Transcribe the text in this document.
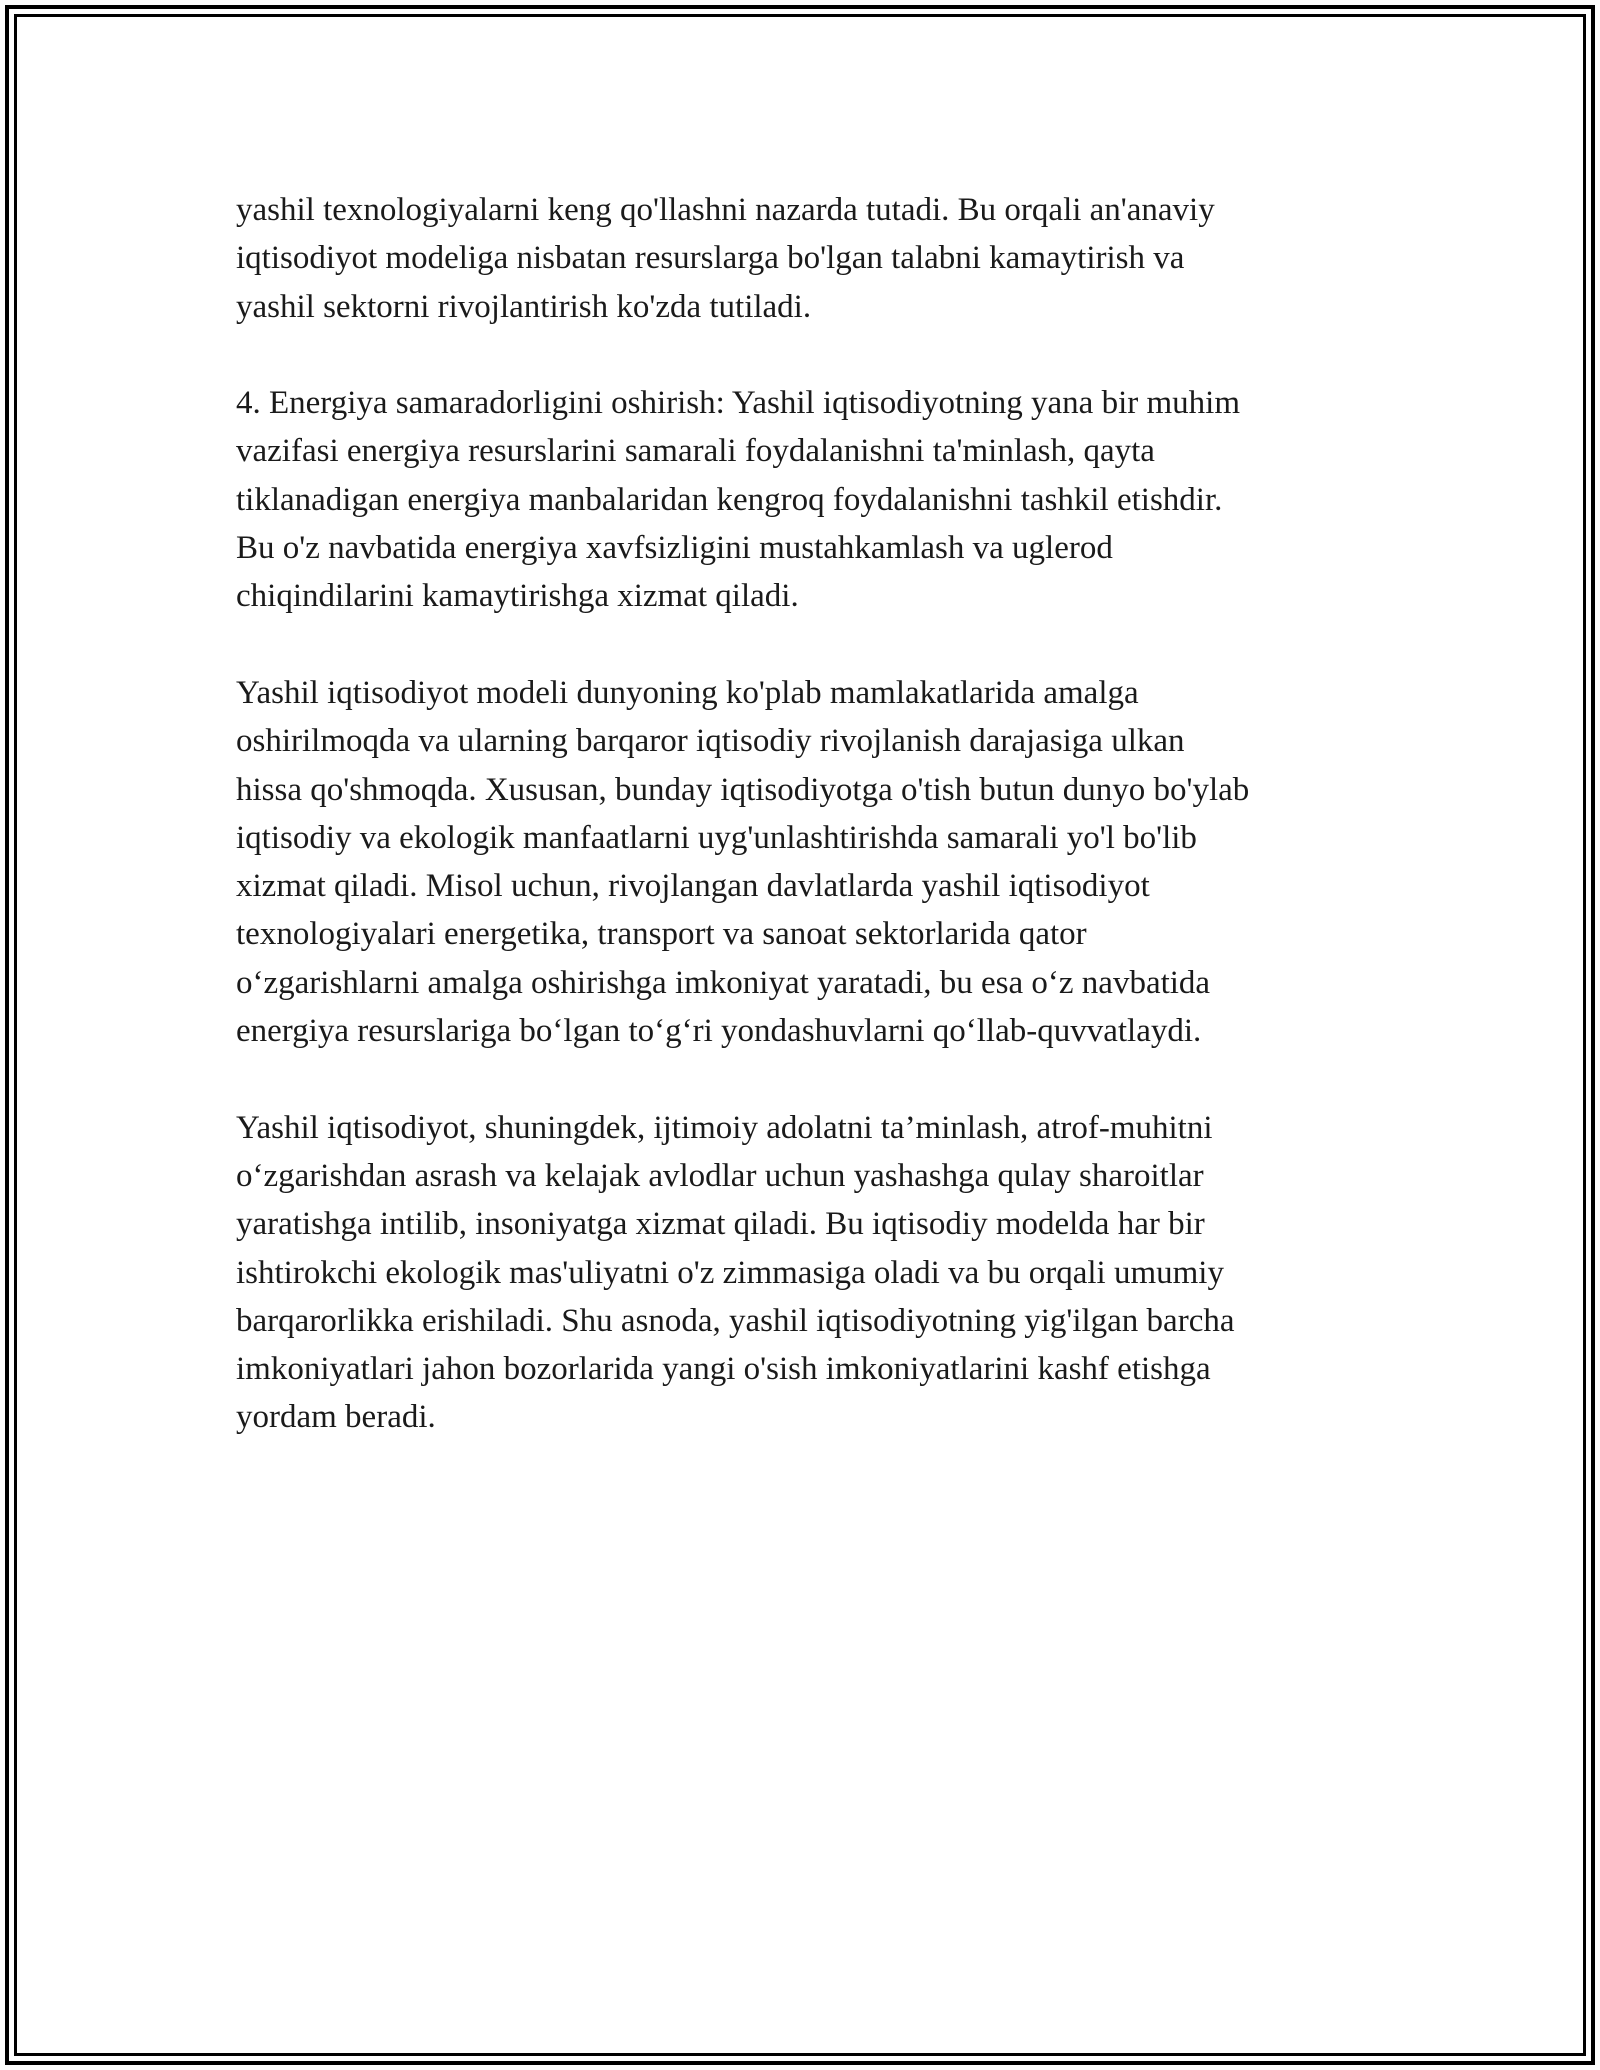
yashil texnologiyalarni keng qo'llashni nazarda tutadi. Bu orqali an'anaviy
iqtisodiyot modeliga nisbatan resurslarga bo'lgan talabni kamaytirish va
yashil sektorni rivojlantirish ko'zda tutiladi.

4. Energiya samaradorligini oshirish: Yashil iqtisodiyotning yana bir muhim
vazifasi energiya resurslarini samarali foydalanishni ta'minlash, qayta
tiklanadigan energiya manbalaridan kengroq foydalanishni tashkil etishdir.
Bu o'z navbatida energiya xavfsizligini mustahkamlash va uglerod
chiqindilarini kamaytirishga xizmat qiladi.

Yashil iqtisodiyot modeli dunyoning ko'plab mamlakatlarida amalga
oshirilmoqda va ularning barqaror iqtisodiy rivojlanish darajasiga ulkan
hissa qo'shmoqda. Xususan, bunday iqtisodiyotga o'tish butun dunyo bo'ylab
iqtisodiy va ekologik manfaatlarni uyg'unlashtirishda samarali yo'l bo'lib
xizmat qiladi. Misol uchun, rivojlangan davlatlarda yashil iqtisodiyot
texnologiyalari energetika, transport va sanoat sektorlarida qator
oʻzgarishlarni amalga oshirishga imkoniyat yaratadi, bu esa oʻz navbatida
energiya resurslariga boʻlgan toʻgʻri yondashuvlarni qoʻllab-quvvatlaydi.

Yashil iqtisodiyot, shuningdek, ijtimoiy adolatni ta’minlash, atrof-muhitni
oʻzgarishdan asrash va kelajak avlodlar uchun yashashga qulay sharoitlar
yaratishga intilib, insoniyatga xizmat qiladi. Bu iqtisodiy modelda har bir
ishtirokchi ekologik mas'uliyatni o'z zimmasiga oladi va bu orqali umumiy
barqarorlikka erishiladi. Shu asnoda, yashil iqtisodiyotning yig'ilgan barcha
imkoniyatlari jahon bozorlarida yangi o'sish imkoniyatlarini kashf etishga
yordam beradi.
